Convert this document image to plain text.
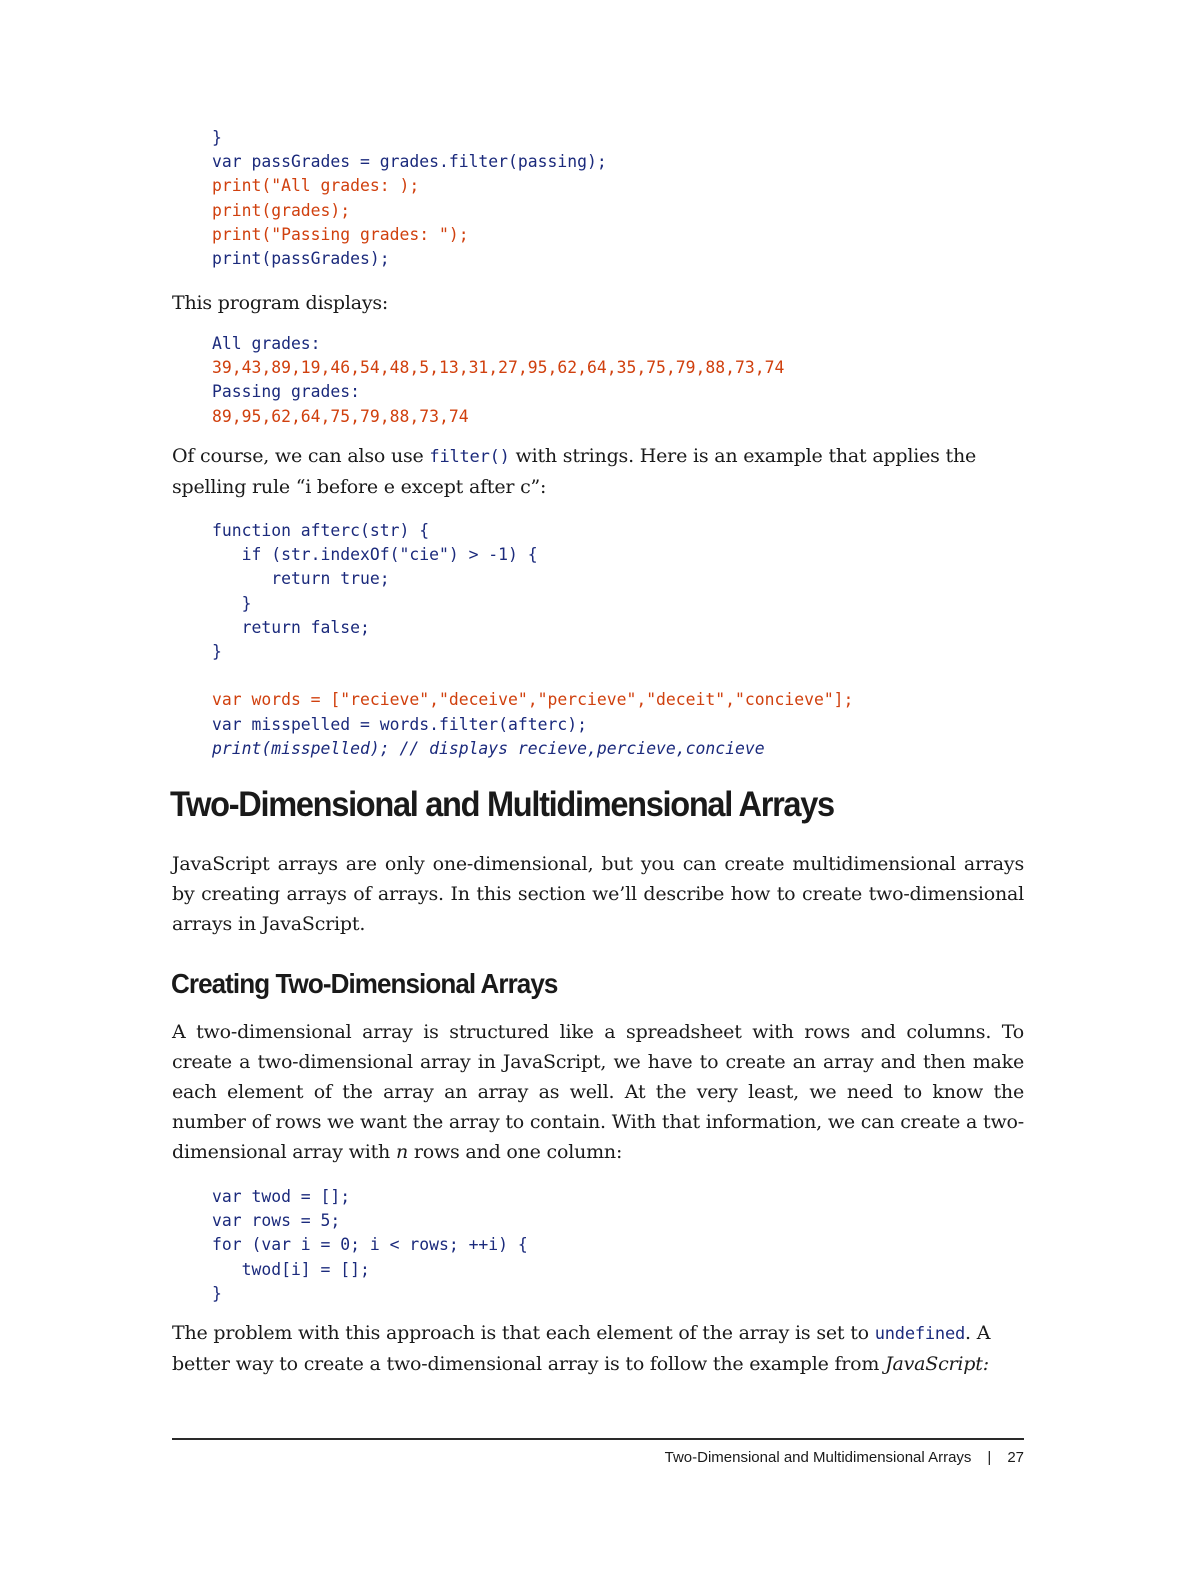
}
var passGrades = grades.filter(passing);
print("All grades: );
print(grades);
print("Passing grades: ");
print(passGrades);

This program displays:

All grades:
39,43,89,19,46,54,48,5,13,31,27,95,62,64,35,75,79,88,73,74
Passing grades:
89,95,62,64,75,79,88,73,74

Of course, we can also use filter() with strings. Here is an example that applies the spelling rule “i before e except after c”:

function afterc(str) {
if (str.indexOf("cie") > -1) {
return true;
}
return false;
}
var words = ["recieve","deceive","percieve","deceit","concieve"];
var misspelled = words.filter(afterc);
print(misspelled); // displays recieve,percieve,concieve
Two-Dimensional and Multidimensional Arrays

JavaScript arrays are only one-dimensional, but you can create multidimensional arrays by creating arrays of arrays. In this section we’ll describe how to create two-dimensional arrays in JavaScript.

Creating Two-Dimensional Arrays

A two-dimensional array is structured like a spreadsheet with rows and columns. To create a two-dimensional array in JavaScript, we have to create an array and then make each element of the array an array as well. At the very least, we need to know the number of rows we want the array to contain. With that information, we can create a two-dimensional array with n rows and one column:

var twod = [];
var rows = 5;
for (var i = 0; i < rows; ++i) {
twod[i] = [];
}

The problem with this approach is that each element of the array is set to undefined. A better way to create a two-dimensional array is to follow the example from JavaScript:

Two-Dimensional and Multidimensional Arrays | 27
